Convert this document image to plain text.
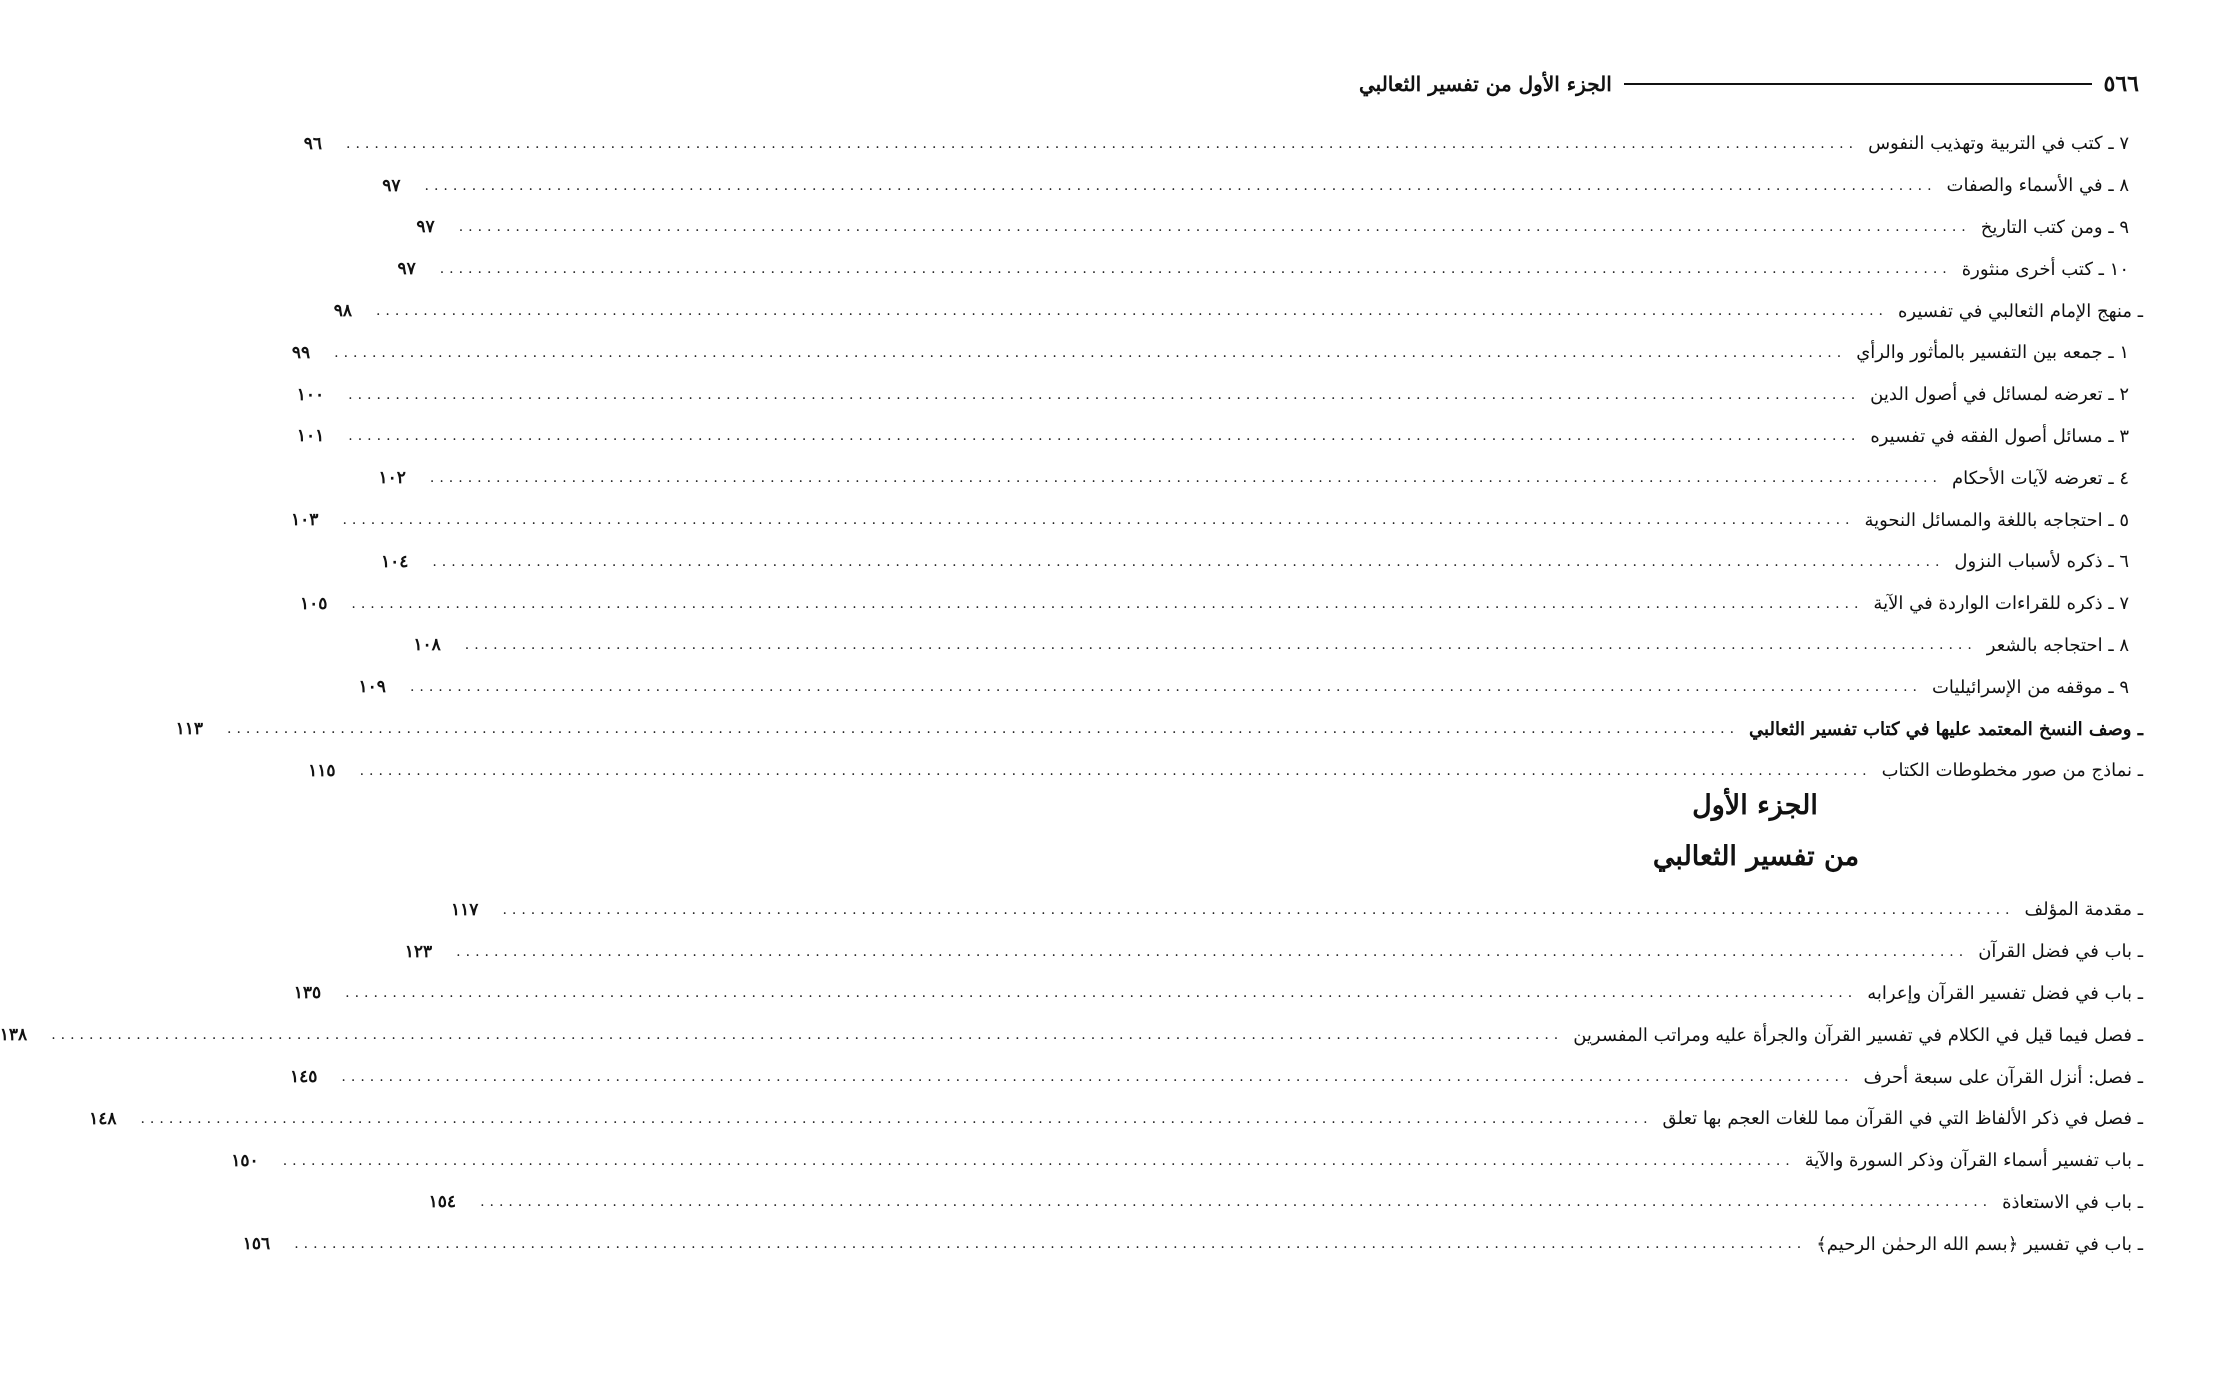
٥٦٦
الجزء الأول من تفسير الثعالبي
٧ ـ كتب في التربية وتهذيب النفوس
................................................................................................................................................................
٩٦
٨ ـ في الأسماء والصفات
................................................................................................................................................................
٩٧
٩ ـ ومن كتب التاريخ
................................................................................................................................................................
٩٧
١٠ ـ كتب أخرى منثورة
................................................................................................................................................................
٩٧
ـ منهج الإمام الثعالبي في تفسيره
................................................................................................................................................................
٩٨
١ ـ جمعه بين التفسير بالمأثور والرأي
................................................................................................................................................................
٩٩
٢ ـ تعرضه لمسائل في أصول الدين
................................................................................................................................................................
١٠٠
٣ ـ مسائل أصول الفقه في تفسيره
................................................................................................................................................................
١٠١
٤ ـ تعرضه لآيات الأحكام
................................................................................................................................................................
١٠٢
٥ ـ احتجاجه باللغة والمسائل النحوية
................................................................................................................................................................
١٠٣
٦ ـ ذكره لأسباب النزول
................................................................................................................................................................
١٠٤
٧ ـ ذكره للقراءات الواردة في الآية
................................................................................................................................................................
١٠٥
٨ ـ احتجاجه بالشعر
................................................................................................................................................................
١٠٨
٩ ـ موقفه من الإسرائيليات
................................................................................................................................................................
١٠٩
ـ وصف النسخ المعتمد عليها في كتاب تفسير الثعالبي
................................................................................................................................................................
١١٣
ـ نماذج من صور مخطوطات الكتاب
................................................................................................................................................................
١١٥
الجزء الأول
من تفسير الثعالبي
ـ مقدمة المؤلف
................................................................................................................................................................
١١٧
ـ باب في فضل القرآن
................................................................................................................................................................
١٢٣
ـ باب في فضل تفسير القرآن وإعرابه
................................................................................................................................................................
١٣٥
ـ فصل فيما قيل في الكلام في تفسير القرآن والجرأة عليه ومراتب المفسرين
................................................................................................................................................................
١٣٨
ـ فصل: أنزل القرآن على سبعة أحرف
................................................................................................................................................................
١٤٥
ـ فصل في ذكر الألفاظ التي في القرآن مما للغات العجم بها تعلق
................................................................................................................................................................
١٤٨
ـ باب تفسير أسماء القرآن وذكر السورة والآية
................................................................................................................................................................
١٥٠
ـ باب في الاستعاذة
................................................................................................................................................................
١٥٤
ـ باب في تفسير ﴿بسم الله الرحمٰن الرحيم﴾
................................................................................................................................................................
١٥٦
